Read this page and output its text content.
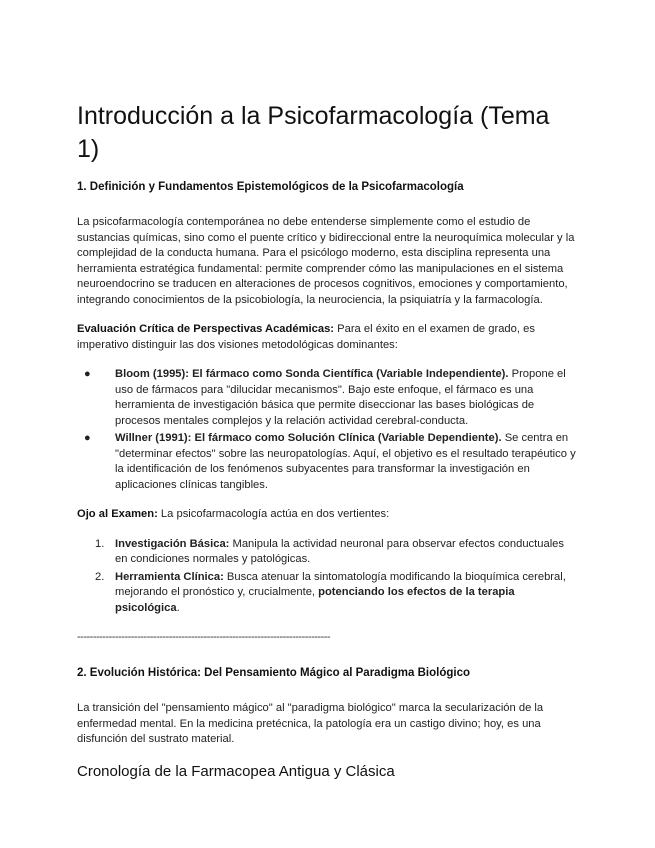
Introducción a la Psicofarmacología (Tema 1)
1. Definición y Fundamentos Epistemológicos de la Psicofarmacología

La psicofarmacología contemporánea no debe entenderse simplemente como el estudio de sustancias químicas, sino como el puente crítico y bidireccional entre la neuroquímica molecular y la complejidad de la conducta humana. Para el psicólogo moderno, esta disciplina representa una herramienta estratégica fundamental: permite comprender cómo las manipulaciones en el sistema neuroendocrino se traducen en alteraciones de procesos cognitivos, emociones y comportamiento, integrando conocimientos de la psicobiología, la neurociencia, la psiquiatría y la farmacología.

Evaluación Crítica de Perspectivas Académicas: Para el éxito en el examen de grado, es imperativo distinguir las dos visiones metodológicas dominantes:

● Bloom (1995): El fármaco como Sonda Científica (Variable Independiente). Propone el uso de fármacos para "dilucidar mecanismos". Bajo este enfoque, el fármaco es una herramienta de investigación básica que permite diseccionar las bases biológicas de procesos mentales complejos y la relación actividad cerebral-conducta.
● Willner (1991): El fármaco como Solución Clínica (Variable Dependiente). Se centra en "determinar efectos" sobre las neuropatologías. Aquí, el objetivo es el resultado terapéutico y la identificación de los fenómenos subyacentes para transformar la investigación en aplicaciones clínicas tangibles.

Ojo al Examen: La psicofarmacología actúa en dos vertientes:

1. Investigación Básica: Manipula la actividad neuronal para observar efectos conductuales en condiciones normales y patológicas.
2. Herramienta Clínica: Busca atenuar la sintomatología modificando la bioquímica cerebral, mejorando el pronóstico y, crucialmente, potenciando los efectos de la terapia psicológica.
--------------------------------------------------------------------------------
2. Evolución Histórica: Del Pensamiento Mágico al Paradigma Biológico

La transición del "pensamiento mágico" al "paradigma biológico" marca la secularización de la enfermedad mental. En la medicina pretécnica, la patología era un castigo divino; hoy, es una disfunción del sustrato material.

Cronología de la Farmacopea Antigua y Clásica
